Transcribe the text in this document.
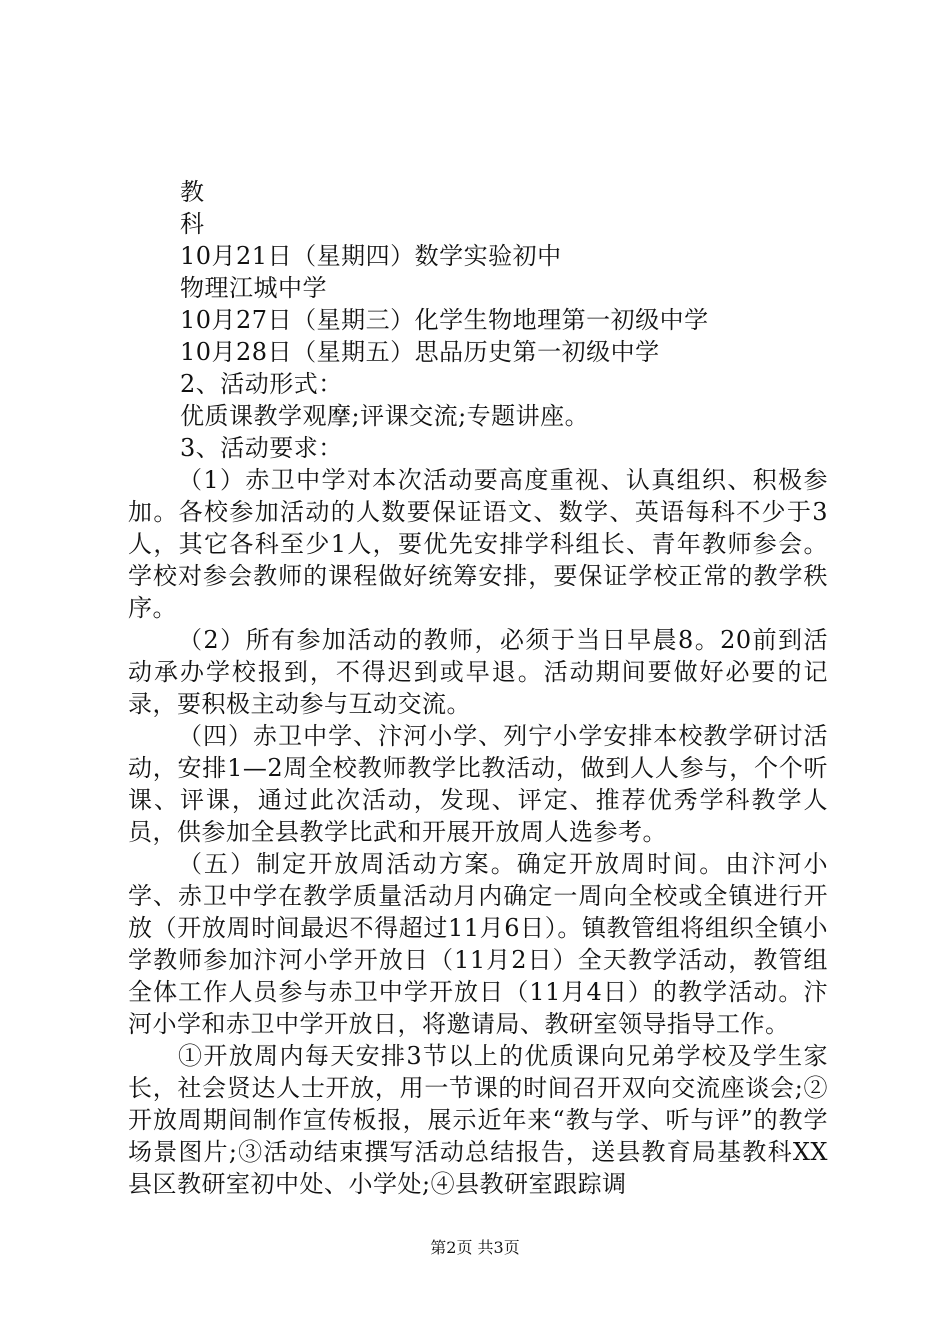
教
科
10月21日（星期四）数学实验初中
物理江城中学
10月27日（星期三）化学生物地理第一初级中学
10月28日（星期五）思品历史第一初级中学
2、活动形式：
优质课教学观摩;评课交流;专题讲座。
3、活动要求：
（1）赤卫中学对本次活动要高度重视、认真组织、积极参加。各校参加活动的人数要保证语文、数学、英语每科不少于3人，其它各科至少1人，要优先安排学科组长、青年教师参会。学校对参会教师的课程做好统筹安排，要保证学校正常的教学秩序。
（2）所有参加活动的教师，必须于当日早晨8。20前到活动承办学校报到，不得迟到或早退。活动期间要做好必要的记录，要积极主动参与互动交流。
（四）赤卫中学、汴河小学、列宁小学安排本校教学研讨活动，安排1—2周全校教师教学比教活动，做到人人参与，个个听课、评课，通过此次活动，发现、评定、推荐优秀学科教学人员，供参加全县教学比武和开展开放周人选参考。
（五）制定开放周活动方案。确定开放周时间。由汴河小学、赤卫中学在教学质量活动月内确定一周向全校或全镇进行开放（开放周时间最迟不得超过11月6日）。镇教管组将组织全镇小学教师参加汴河小学开放日（11月2日）全天教学活动，教管组全体工作人员参与赤卫中学开放日（11月4日）的教学活动。汴河小学和赤卫中学开放日，将邀请局、教研室领导指导工作。
①开放周内每天安排3节以上的优质课向兄弟学校及学生家长，社会贤达人士开放，用一节课的时间召开双向交流座谈会;②开放周期间制作宣传板报，展示近年来“教与学、听与评”的教学场景图片;③活动结束撰写活动总结报告，送县教育局基教科XX县区教研室初中处、小学处;④县教研室跟踪调
第2页 共3页
